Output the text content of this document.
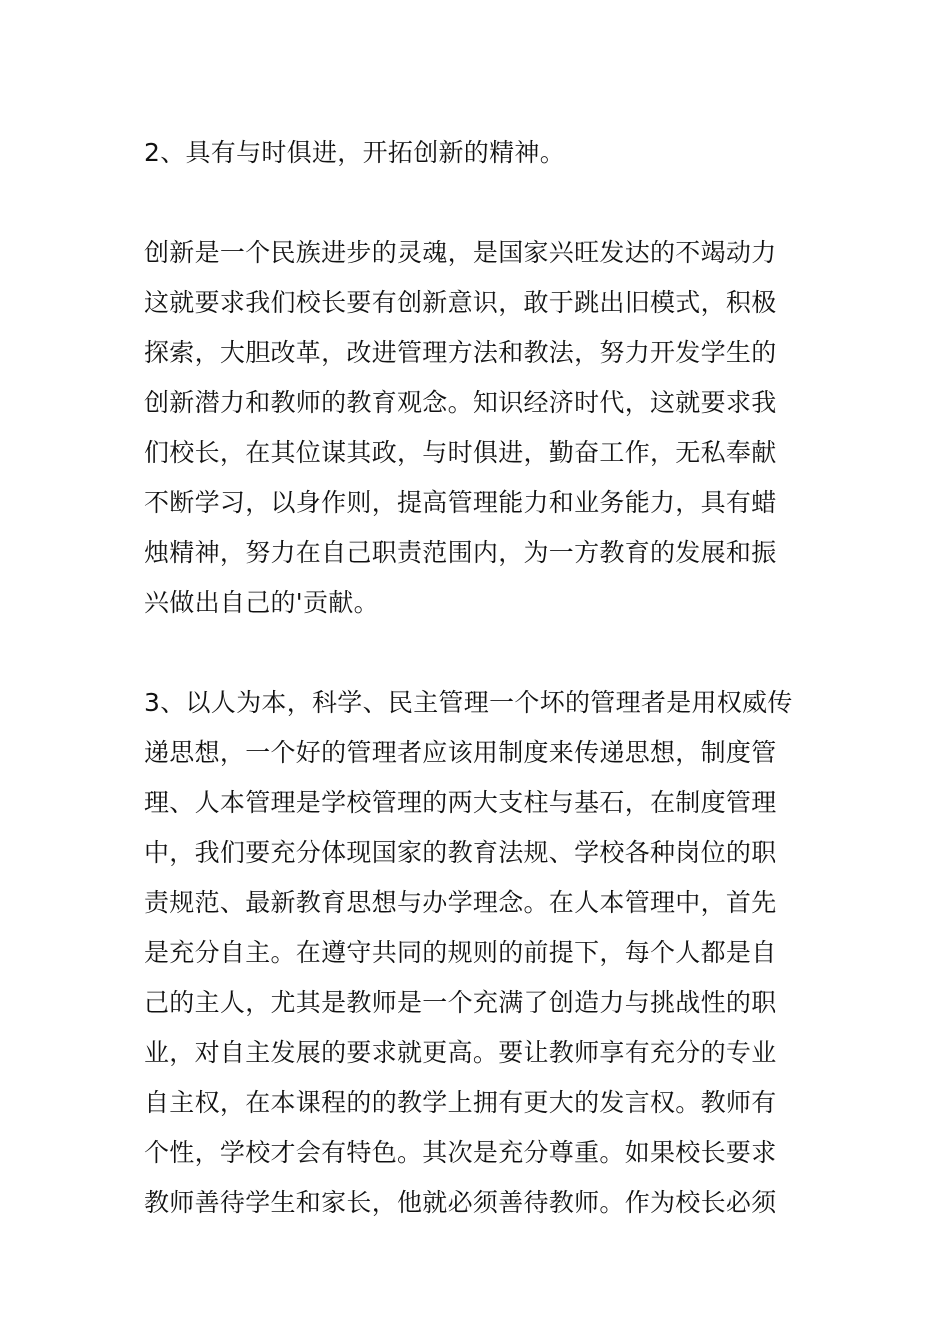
2、具有与时俱进，开拓创新的精神。
创新是一个民族进步的灵魂，是国家兴旺发达的不竭动力
这就要求我们校长要有创新意识，敢于跳出旧模式，积极
探索，大胆改革，改进管理方法和教法，努力开发学生的
创新潜力和教师的教育观念。知识经济时代，这就要求我
们校长，在其位谋其政，与时俱进，勤奋工作，无私奉献
不断学习，以身作则，提高管理能力和业务能力，具有蜡
烛精神，努力在自己职责范围内，为一方教育的发展和振
兴做出自己的'贡献。
3、以人为本，科学、民主管理一个坏的管理者是用权威传
递思想，一个好的管理者应该用制度来传递思想，制度管
理、人本管理是学校管理的两大支柱与基石，在制度管理
中，我们要充分体现国家的教育法规、学校各种岗位的职
责规范、最新教育思想与办学理念。在人本管理中，首先
是充分自主。在遵守共同的规则的前提下，每个人都是自
己的主人，尤其是教师是一个充满了创造力与挑战性的职
业，对自主发展的要求就更高。要让教师享有充分的专业
自主权，在本课程的的教学上拥有更大的发言权。教师有
个性，学校才会有特色。其次是充分尊重。如果校长要求
教师善待学生和家长，他就必须善待教师。作为校长必须
